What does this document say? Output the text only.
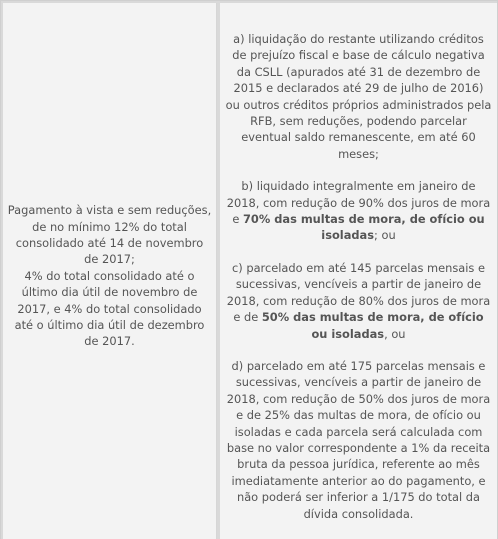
Pagamento à vista e sem reduções, de no mínimo 12% do total consolidado até 14 de novembro de 2017;
4% do total consolidado até o último dia útil de novembro de 2017, e 4% do total consolidado até o último dia útil de dezembro de 2017.

a) liquidação do restante utilizando créditos de prejuízo fiscal e base de cálculo negativa da CSLL (apurados até 31 de dezembro de 2015 e declarados até 29 de julho de 2016) ou outros créditos próprios administrados pela RFB, sem reduções, podendo parcelar eventual saldo remanescente, em até 60 meses;

b) liquidado integralmente em janeiro de 2018, com redução de 90% dos juros de mora e 70% das multas de mora, de ofício ou isoladas; ou

c) parcelado em até 145 parcelas mensais e sucessivas, vencíveis a partir de janeiro de 2018, com redução de 80% dos juros de mora e de 50% das multas de mora, de ofício ou isoladas, ou

d) parcelado em até 175 parcelas mensais e sucessivas, vencíveis a partir de janeiro de 2018, com redução de 50% dos juros de mora e de 25% das multas de mora, de ofício ou isoladas e cada parcela será calculada com base no valor correspondente a 1% da receita bruta da pessoa jurídica, referente ao mês imediatamente anterior ao do pagamento, e não poderá ser inferior a 1/175 do total da dívida consolidada.
